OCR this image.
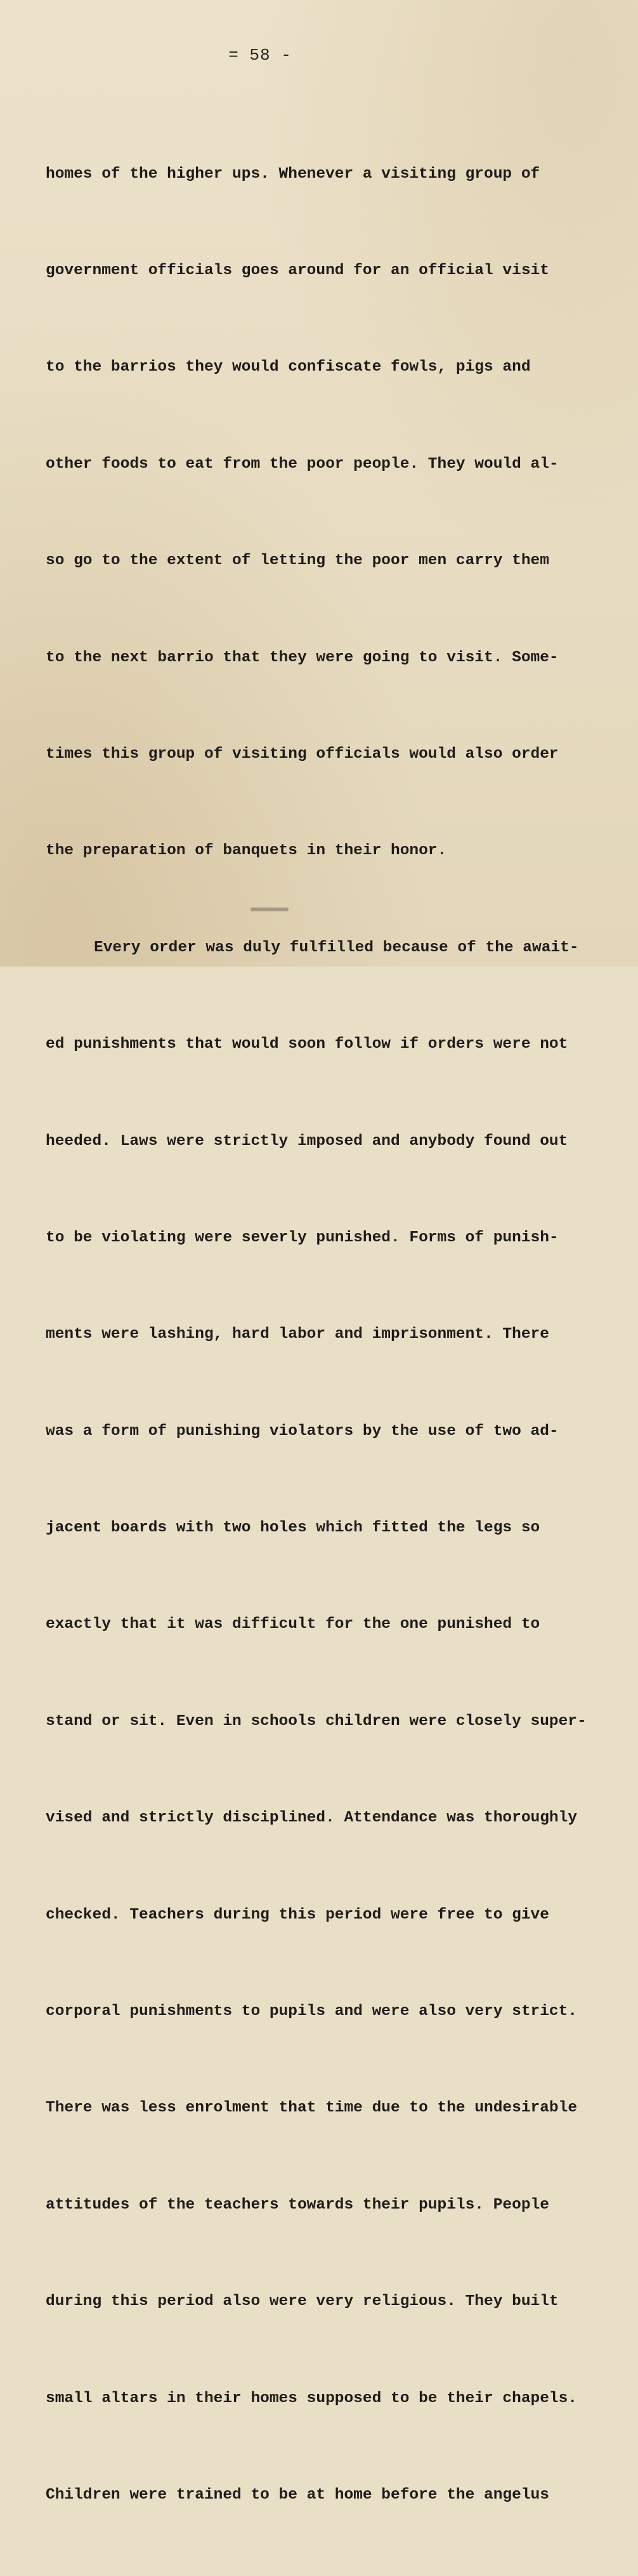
= 58 -

homes of the higher ups. Whenever a visiting group of

government officials goes around for an official visit

to the barrios they would confiscate fowls, pigs and

other foods to eat from the poor people. They would al-

so go to the extent of letting the poor men carry them

to the next barrio that they were going to visit. Some-

times this group of visiting officials would also order

the preparation of banquets in their honor.

Every order was duly fulfilled because of the await-

ed punishments that would soon follow if orders were not

heeded. Laws were strictly imposed and anybody found out

to be violating were severly punished. Forms of punish-

ments were lashing, hard labor and imprisonment. There

was a form of punishing violators by the use of two ad-

jacent boards with two holes which fitted the legs so

exactly that it was difficult for the one punished to

stand or sit. Even in schools children were closely super-

vised and strictly disciplined. Attendance was thoroughly

checked. Teachers during this period were free to give

corporal punishments to pupils and were also very strict.

There was less enrolment that time due to the undesirable

attitudes of the teachers towards their pupils. People

during this period also were very religious. They built

small altars in their homes supposed to be their chapels.

Children were trained to be at home before the angelus
